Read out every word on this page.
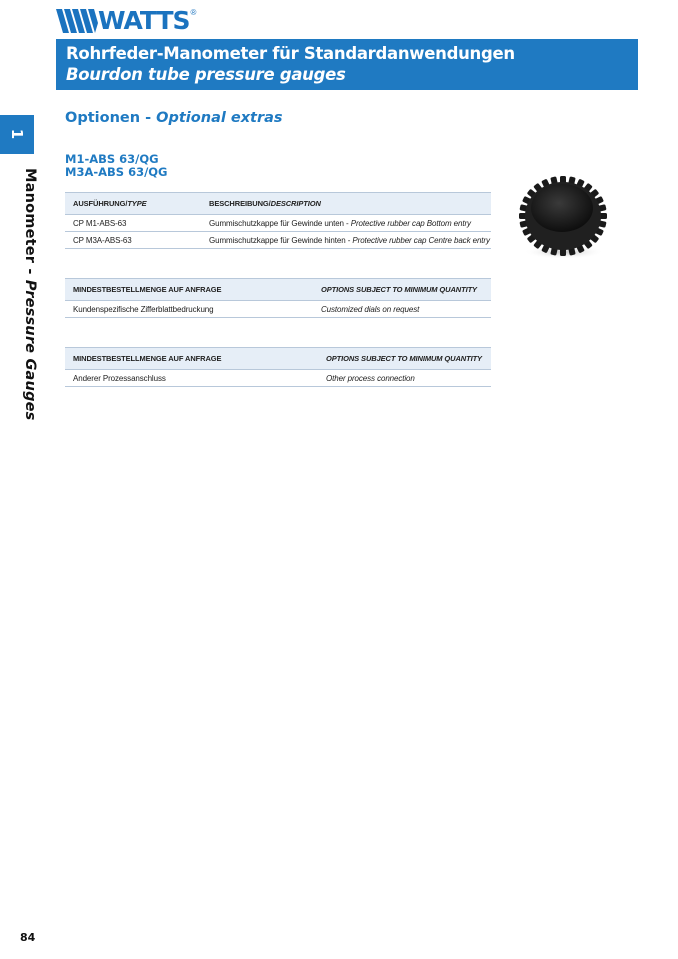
WATTS ®
Rohrfeder-Manometer für Standardanwendungen
Bourdon tube pressure gauges
1
Manometer - Pressure Gauges
Optionen - Optional extras
M1-ABS 63/QG
M3A-ABS 63/QG
AUSFÜHRUNG/TYPE	BESCHREIBUNG/DESCRIPTION
CP M1-ABS-63	Gummischutzkappe für Gewinde unten - Protective rubber cap Bottom entry
CP M3A-ABS-63	Gummischutzkappe für Gewinde hinten - Protective rubber cap Centre back entry
MINDESTBESTELLMENGE AUF ANFRAGE	OPTIONS SUBJECT TO MINIMUM QUANTITY
Kundenspezifische Zifferblattbedruckung	Customized dials on request
MINDESTBESTELLMENGE AUF ANFRAGE	OPTIONS SUBJECT TO MINIMUM QUANTITY
Anderer Prozessanschluss	Other process connection
84
